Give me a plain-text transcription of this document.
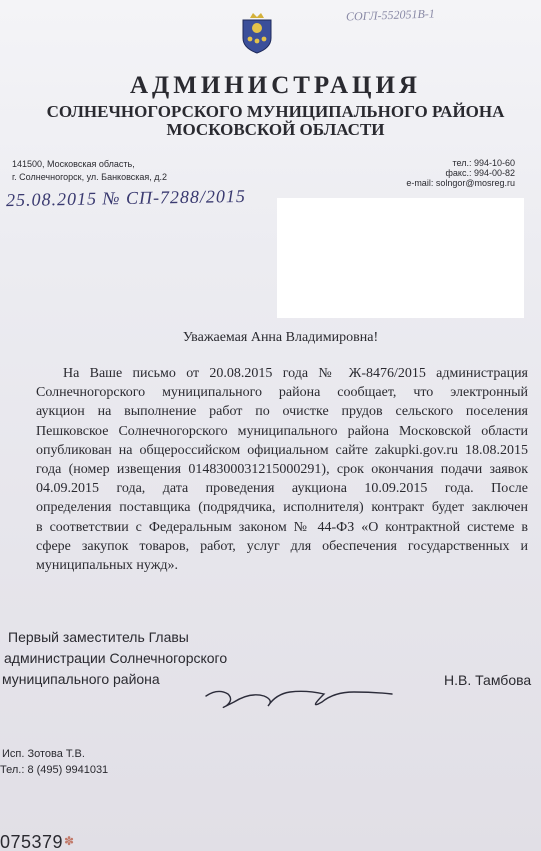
СОГЛ-552051В-1
АДМИНИСТРАЦИЯ
СОЛНЕЧНОГОРСКОГО МУНИЦИПАЛЬНОГО РАЙОНА
МОСКОВСКОЙ ОБЛАСТИ
141500, Московская область,
г. Солнечногорск, ул. Банковская, д.2
тел.: 994-10-60
факс.: 994-00-82
e-mail: solngor@mosreg.ru
25.08.2015 № СП-7288/2015
Уважаемая Анна Владимировна!
На Ваше письмо от 20.08.2015 года № Ж-8476/2015 администрация
Солнечногорского муниципального района сообщает, что электронный
аукцион на выполнение работ по очистке прудов сельского поселения
Пешковское Солнечногорского муниципального района Московской области
опубликован на общероссийском официальном сайте zakupki.gov.ru 18.08.2015
года (номер извещения 0148300031215000291), срок окончания подачи заявок
04.09.2015 года, дата проведения аукциона 10.09.2015 года. После
определения поставщика (подрядчика, исполнителя) контракт будет заключен
в соответствии с Федеральным законом № 44-ФЗ «О контрактной системе в
сфере закупок товаров, работ, услуг для обеспечения государственных и
муниципальных нужд».
Первый заместитель Главы
администрации Солнечногорского
муниципального района	Н.В. Тамбова
Исп. Зотова Т.В.
Тел.: 8 (495) 9941031
075379 ✽
